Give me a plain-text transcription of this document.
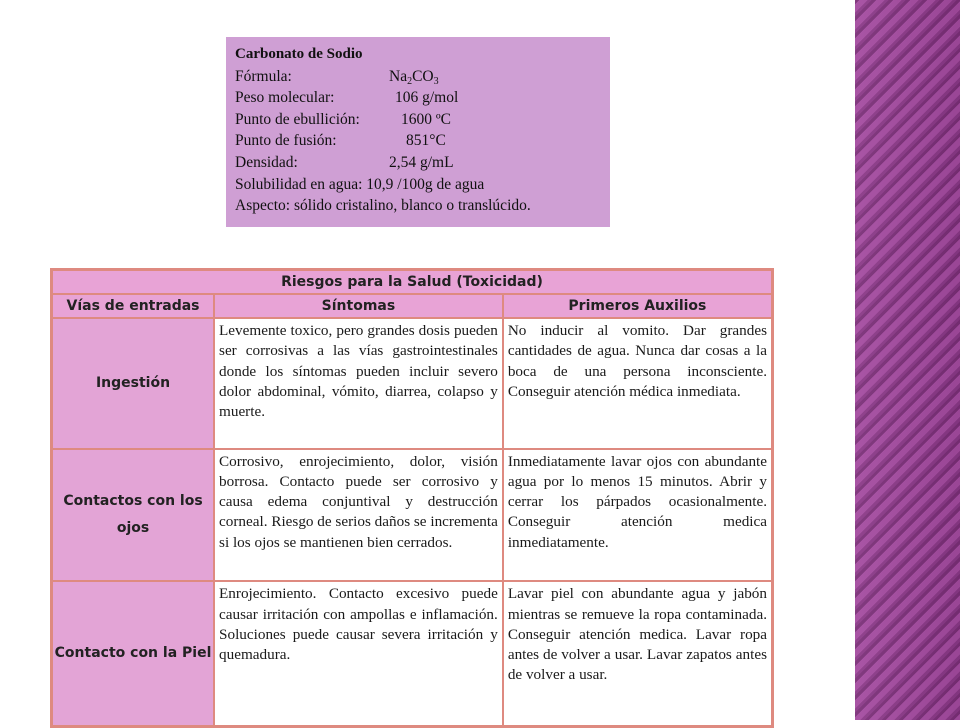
Carbonato de Sodio
Fórmula:	$Na_2CO_3$
Peso molecular:	106 g/mol
Punto de ebullición:	1600 ºC
Punto de fusión:	851°C
Densidad:	2,54 g/mL
Solubilidad en agua: 10,9 /100g de agua
Aspecto: sólido cristalino, blanco o translúcido.
Riesgos para la Salud (Toxicidad)		
Vías de entradas	Síntomas	Primeros Auxilios
Ingestión	Levemente toxico, pero grandes dosis pueden ser corrosivas a las vías gastrointestinales donde los síntomas pueden incluir severo dolor abdominal, vómito, diarrea, colapso y muerte.	No inducir al vomito. Dar grandes cantidades de agua. Nunca dar cosas a la boca de una persona inconsciente. Conseguir atención médica inmediata.
Contactos con los ojos	Corrosivo, enrojecimiento, dolor, visión borrosa. Contacto puede ser corrosivo y causa edema conjuntival y destrucción corneal. Riesgo de serios daños se incrementa si los ojos se mantienen bien cerrados.	Inmediatamente lavar ojos con abundante agua por lo menos 15 minutos. Abrir y cerrar los párpados ocasionalmente. Conseguir atención medica inmediatamente.
Contacto con la Piel	Enrojecimiento. Contacto excesivo puede causar irritación con ampollas e inflamación. Soluciones puede causar severa irritación y quemadura.	Lavar piel con abundante agua y jabón mientras se remueve la ropa contaminada. Conseguir atención medica. Lavar ropa antes de volver a usar. Lavar zapatos antes de volver a usar.
